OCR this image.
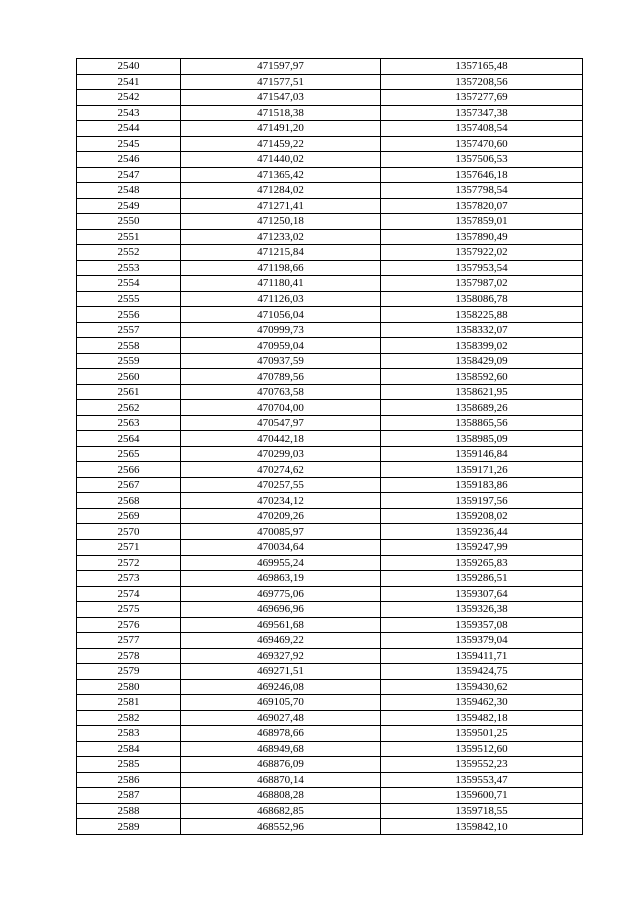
2540	471597,97	1357165,48
2541	471577,51	1357208,56
2542	471547,03	1357277,69
2543	471518,38	1357347,38
2544	471491,20	1357408,54
2545	471459,22	1357470,60
2546	471440,02	1357506,53
2547	471365,42	1357646,18
2548	471284,02	1357798,54
2549	471271,41	1357820,07
2550	471250,18	1357859,01
2551	471233,02	1357890,49
2552	471215,84	1357922,02
2553	471198,66	1357953,54
2554	471180,41	1357987,02
2555	471126,03	1358086,78
2556	471056,04	1358225,88
2557	470999,73	1358332,07
2558	470959,04	1358399,02
2559	470937,59	1358429,09
2560	470789,56	1358592,60
2561	470763,58	1358621,95
2562	470704,00	1358689,26
2563	470547,97	1358865,56
2564	470442,18	1358985,09
2565	470299,03	1359146,84
2566	470274,62	1359171,26
2567	470257,55	1359183,86
2568	470234,12	1359197,56
2569	470209,26	1359208,02
2570	470085,97	1359236,44
2571	470034,64	1359247,99
2572	469955,24	1359265,83
2573	469863,19	1359286,51
2574	469775,06	1359307,64
2575	469696,96	1359326,38
2576	469561,68	1359357,08
2577	469469,22	1359379,04
2578	469327,92	1359411,71
2579	469271,51	1359424,75
2580	469246,08	1359430,62
2581	469105,70	1359462,30
2582	469027,48	1359482,18
2583	468978,66	1359501,25
2584	468949,68	1359512,60
2585	468876,09	1359552,23
2586	468870,14	1359553,47
2587	468808,28	1359600,71
2588	468682,85	1359718,55
2589	468552,96	1359842,10
